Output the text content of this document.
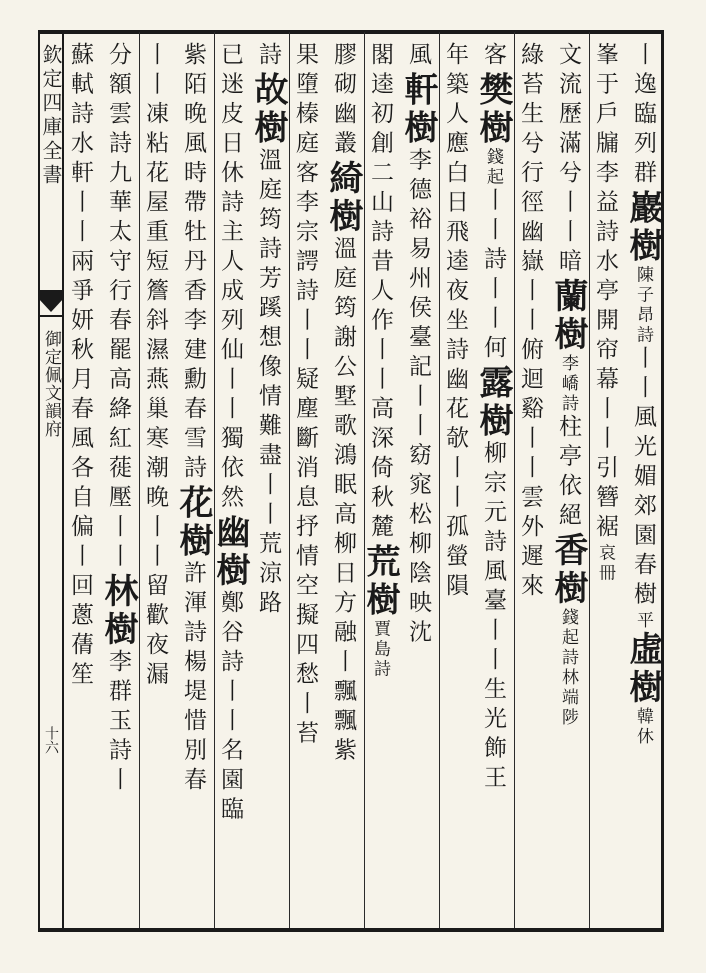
欽定四庫全書
御定佩文韻府
十六
丨逸臨列群巖樹陳子昂詩丨丨風光媚郊園春樹平虛樹韓休
峯于戶牖李益詩水亭開帘幕丨丨引簪裾哀冊
文流歷滿兮丨丨暗蘭樹李嶠詩柱亭依絕香樹錢起詩林端陟
綠苔生兮行徑幽嶽丨丨俯迴谿丨丨雲外遲來
客樊樹錢起丨丨詩丨丨何露樹柳宗元詩風臺丨丨生光飾王
年築人應白日飛逵夜坐詩幽花欹丨丨孤螢隕
風軒樹李德裕易州侯臺記丨丨窈窕松柳陰映沈
閣逵初創二山詩昔人作丨丨高深倚秋麓荒樹賈島詩
膠砌幽叢綺樹溫庭筠謝公墅歌鴻眠高柳日方融丨飄飄紫
果墮榛庭客李宗諤詩丨丨疑塵斷消息抒情空擬四愁丨苔
詩故樹溫庭筠詩芳蹊想像情難盡丨丨荒涼路
已迷皮日休詩主人成列仙丨丨獨依然幽樹鄭谷詩丨丨名園臨
紫陌晚風時帶牡丹香李建勳春雪詩花樹許渾詩楊堤惜別春
丨丨凍粘花屋重短簷斜濕燕巢寒潮晚丨丨留歡夜漏
分額雲詩九華太守行春罷高絳紅蓰壓丨丨林樹李群玉詩丨
蘇軾詩水軒丨丨兩爭妍秋月春風各自偏丨回蔥蒨笙
